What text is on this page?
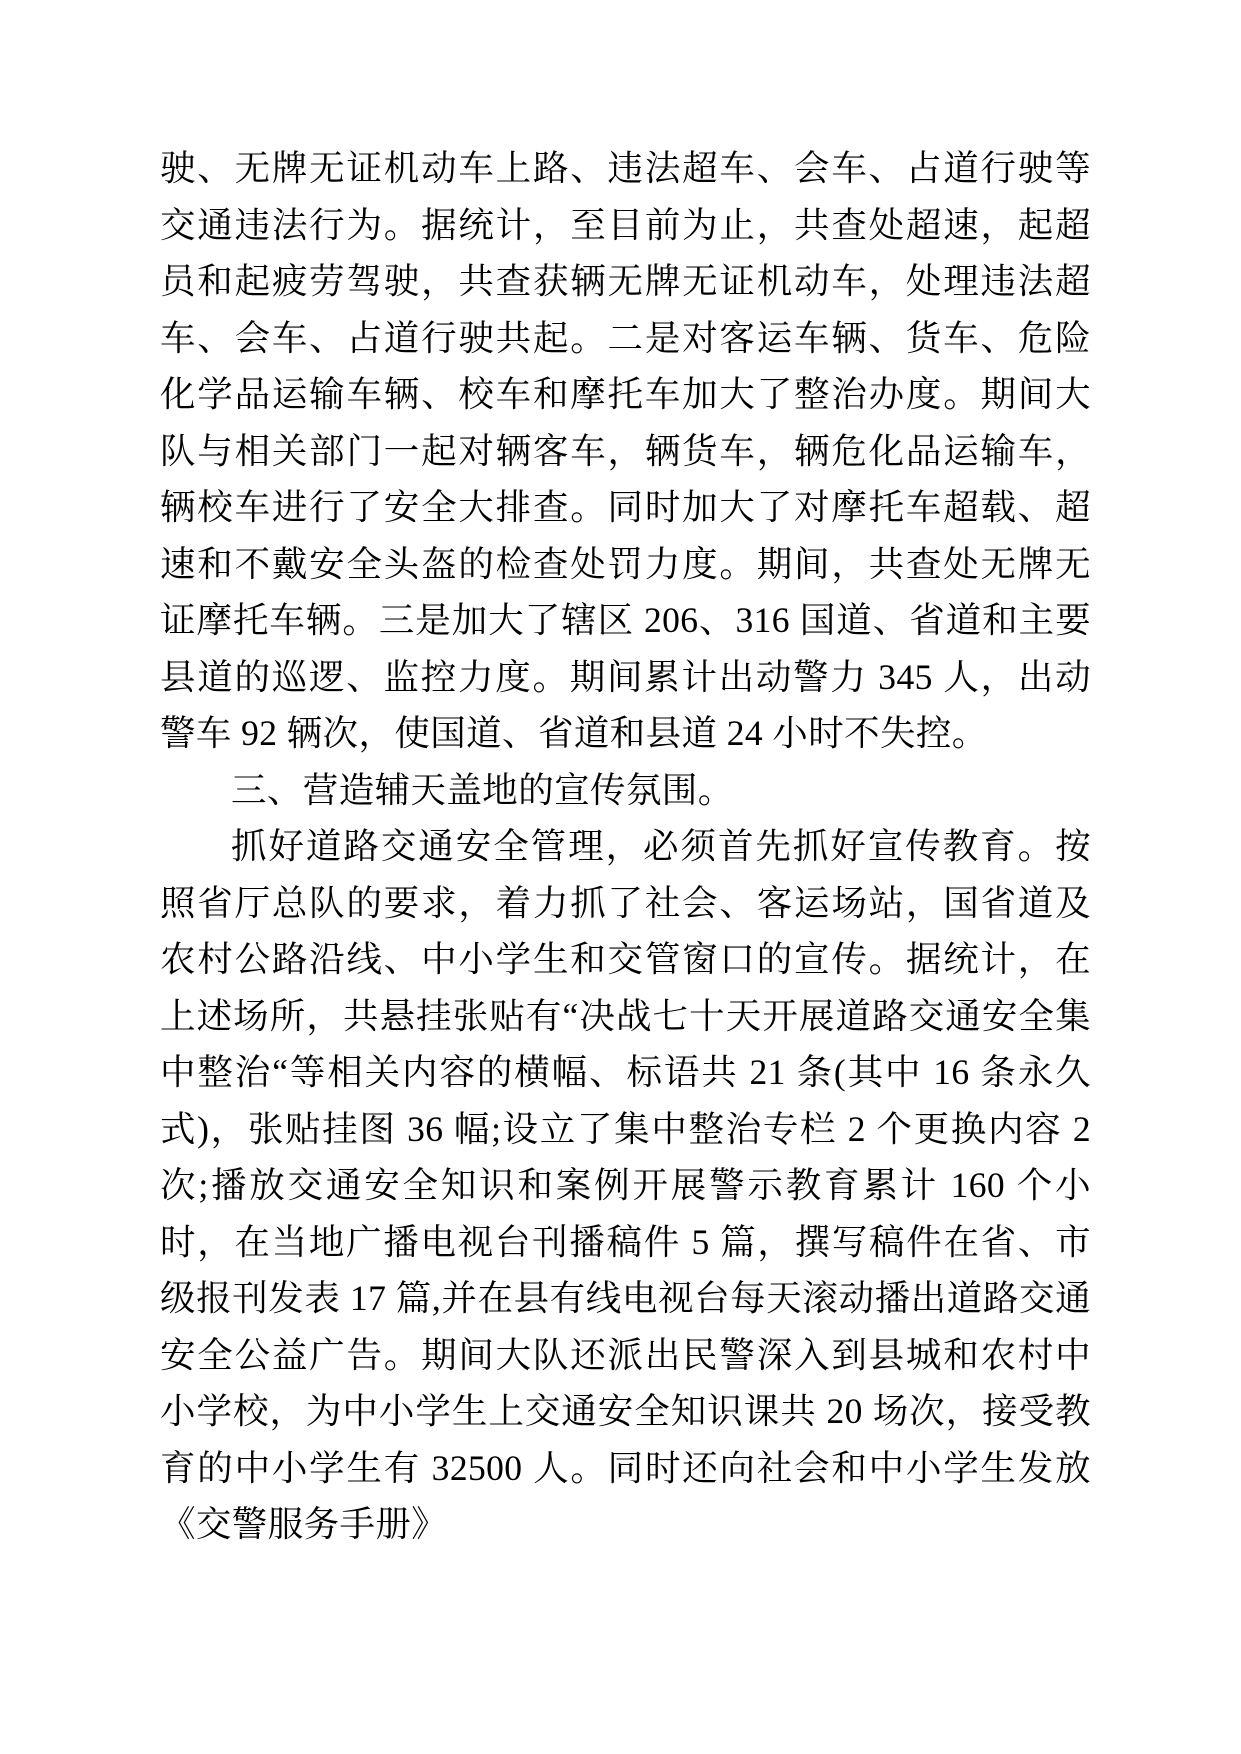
驶、无牌无证机动车上路、违法超车、会车、占道行驶等交通违法行为。据统计，至目前为止，共查处超速，起超员和起疲劳驾驶，共查获辆无牌无证机动车，处理违法超车、会车、占道行驶共起。二是对客运车辆、货车、危险化学品运输车辆、校车和摩托车加大了整治办度。期间大队与相关部门一起对辆客车，辆货车，辆危化品运输车，辆校车进行了安全大排查。同时加大了对摩托车超载、超速和不戴安全头盔的检查处罚力度。期间，共查处无牌无证摩托车辆。三是加大了辖区 206、316 国道、省道和主要县道的巡逻、监控力度。期间累计出动警力 345 人，出动警车 92 辆次，使国道、省道和县道 24 小时不失控。

三、营造辅天盖地的宣传氛围。

抓好道路交通安全管理，必须首先抓好宣传教育。按照省厅总队的要求，着力抓了社会、客运场站，国省道及农村公路沿线、中小学生和交管窗口的宣传。据统计，在上述场所，共悬挂张贴有“决战七十天开展道路交通安全集中整治“等相关内容的横幅、标语共 21 条(其中 16 条永久式)，张贴挂图 36 幅;设立了集中整治专栏 2 个更换内容 2 次;播放交通安全知识和案例开展警示教育累计 160 个小时，在当地广播电视台刊播稿件 5 篇，撰写稿件在省、市级报刊发表 17 篇,并在县有线电视台每天滚动播出道路交通安全公益广告。期间大队还派出民警深入到县城和农村中小学校，为中小学生上交通安全知识课共 20 场次，接受教育的中小学生有 32500 人。同时还向社会和中小学生发放《交警服务手册》
